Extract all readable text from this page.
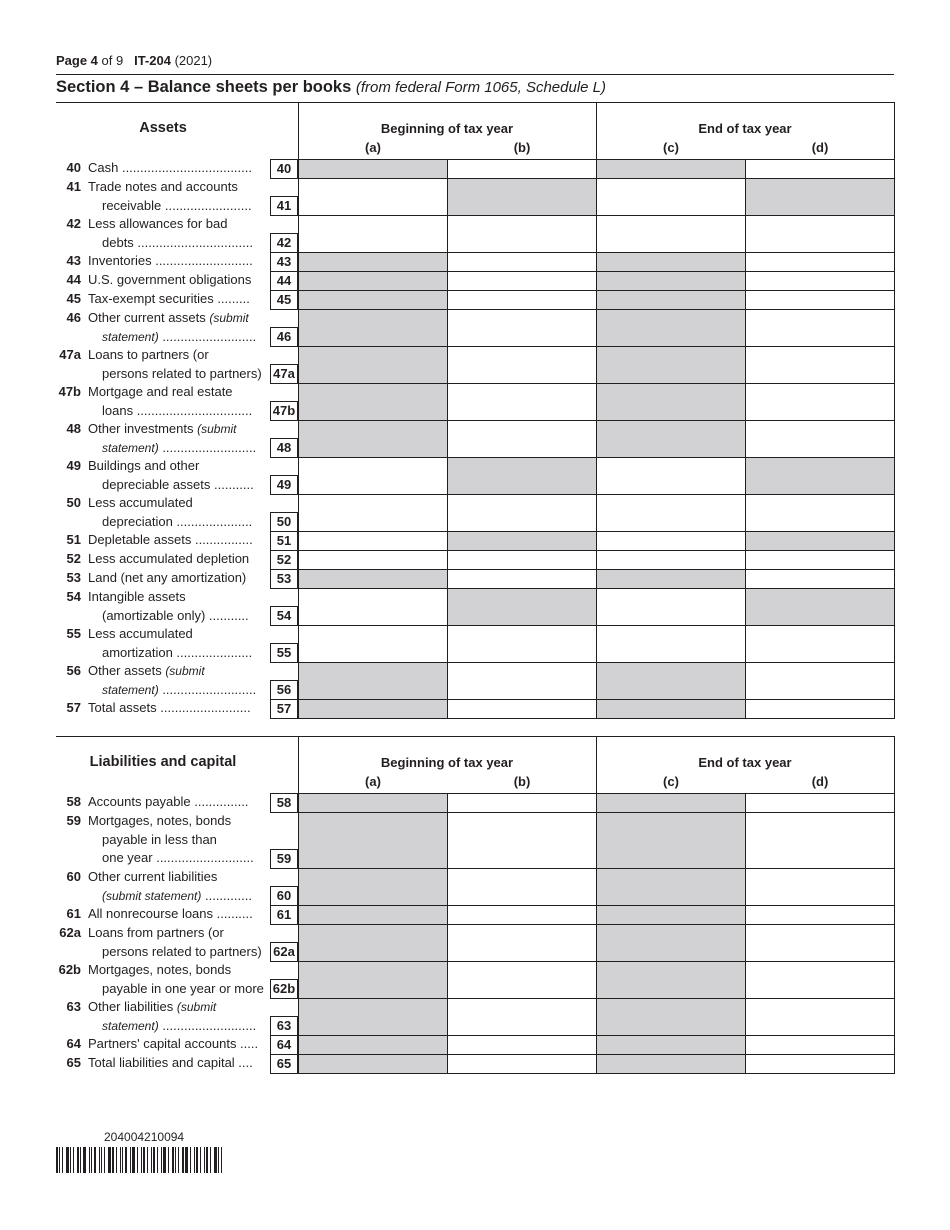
Page 4 of 9 IT-204 (2021)
Section 4 – Balance sheets per books (from federal Form 1065, Schedule L)
Assets	Beginning of tax year	End of tax year
(a)	(b)	(c)	(d)
40 Cash ....................................	40
41 Trade notes and accounts
receivable ........................	41
42 Less allowances for bad
debts ................................	42
43 Inventories ...........................	43
44 U.S. government obligations	44
45 Tax-exempt securities .........	45
46 Other current assets (submit
statement) ..........................	46
47a Loans to partners (or
persons related to partners) 47a
47b Mortgage and real estate
loans ................................	47b
48 Other investments (submit
statement) ..........................	48
49 Buildings and other
depreciable assets ...........	49
50 Less accumulated
depreciation .....................	50
51 Depletable assets ................	51
52 Less accumulated depletion	52
53 Land (net any amortization)	53
54 Intangible assets
(amortizable only) ...........	54
55 Less accumulated
amortization .....................	55
56 Other assets (submit
statement) ..........................	56
57 Total assets .........................	57
Liabilities and capital	Beginning of tax year	End of tax year
(a)	(b)	(c)	(d)
58 Accounts payable ...............	58
59 Mortgages, notes, bonds
payable in less than
one year ...........................	59
60 Other current liabilities
(submit statement) .............	60
61 All nonrecourse loans ..........	61
62a Loans from partners (or
persons related to partners) 62a
62b Mortgages, notes, bonds
payable in one year or more 62b
63 Other liabilities (submit
statement) ..........................	63
64 Partners' capital accounts .....	64
65 Total liabilities and capital ....	65
204004210094
